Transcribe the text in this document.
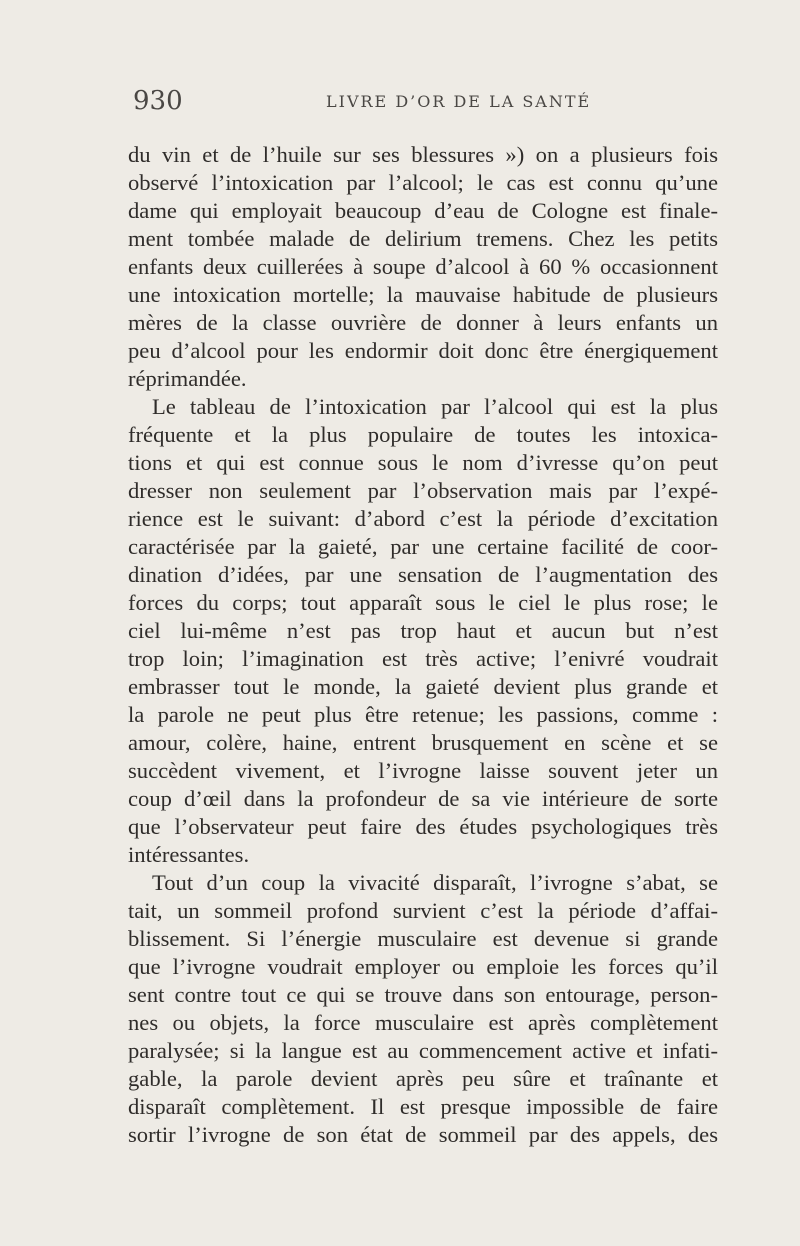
930	LIVRE D’OR DE LA SANTÉ
du vin et de l’huile sur ses blessures ») on a plusieurs fois
observé l’intoxication par l’alcool; le cas est connu qu’une
dame qui employait beaucoup d’eau de Cologne est finale-
ment tombée malade de delirium tremens. Chez les petits
enfants deux cuillerées à soupe d’alcool à 60 % occasionnent
une intoxication mortelle; la mauvaise habitude de plusieurs
mères de la classe ouvrière de donner à leurs enfants un
peu d’alcool pour les endormir doit donc être énergiquement
réprimandée.
Le tableau de l’intoxication par l’alcool qui est la plus
fréquente et la plus populaire de toutes les intoxica-
tions et qui est connue sous le nom d’ivresse qu’on peut
dresser non seulement par l’observation mais par l’expé-
rience est le suivant: d’abord c’est la période d’excitation
caractérisée par la gaieté, par une certaine facilité de coor-
dination d’idées, par une sensation de l’augmentation des
forces du corps; tout apparaît sous le ciel le plus rose; le
ciel lui-même n’est pas trop haut et aucun but n’est
trop loin; l’imagination est très active; l’enivré voudrait
embrasser tout le monde, la gaieté devient plus grande et
la parole ne peut plus être retenue; les passions, comme :
amour, colère, haine, entrent brusquement en scène et se
succèdent vivement, et l’ivrogne laisse souvent jeter un
coup d’œil dans la profondeur de sa vie intérieure de sorte
que l’observateur peut faire des études psychologiques très
intéressantes.
Tout d’un coup la vivacité disparaît, l’ivrogne s’abat, se
tait, un sommeil profond survient c’est la période d’affai-
blissement. Si l’énergie musculaire est devenue si grande
que l’ivrogne voudrait employer ou emploie les forces qu’il
sent contre tout ce qui se trouve dans son entourage, person-
nes ou objets, la force musculaire est après complètement
paralysée; si la langue est au commencement active et infati-
gable, la parole devient après peu sûre et traînante et
disparaît complètement. Il est presque impossible de faire
sortir l’ivrogne de son état de sommeil par des appels, des
